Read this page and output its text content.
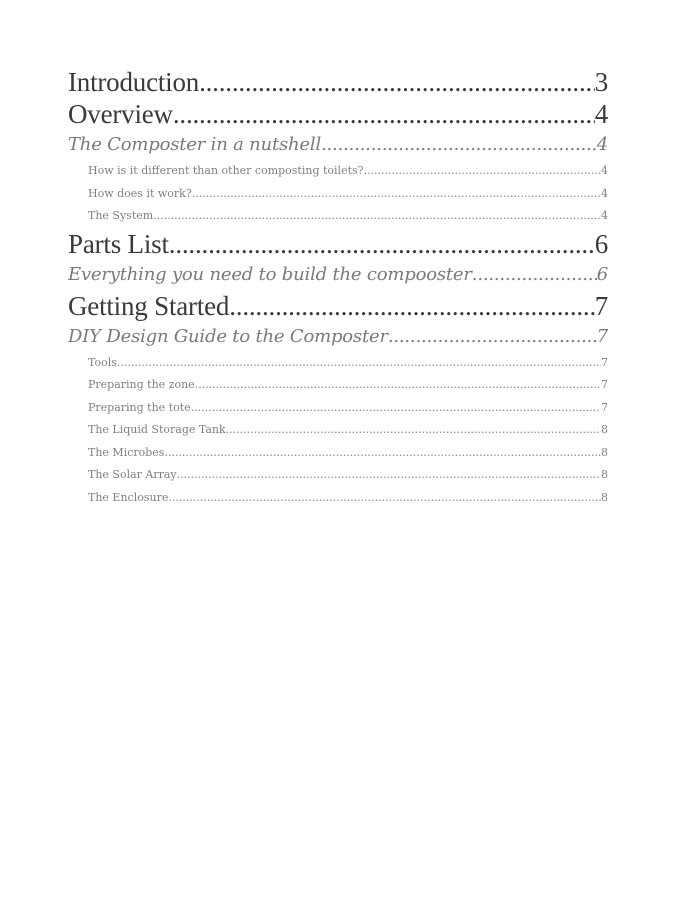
Introduction .....	3
Overview .....	4
The Composter in a nutshell .....	4
How is it different than other composting toilets? .....	4
How does it work? .....	4
The System .....	4
Parts List .....	6
Everything you need to build the compooster .....	6
Getting Started .....	7
DIY Design Guide to the Composter .....	7
Tools .....	7
Preparing the zone .....	7
Preparing the tote .....	7
The Liquid Storage Tank .....	8
The Microbes .....	8
The Solar Array .....	8
The Enclosure .....	8
